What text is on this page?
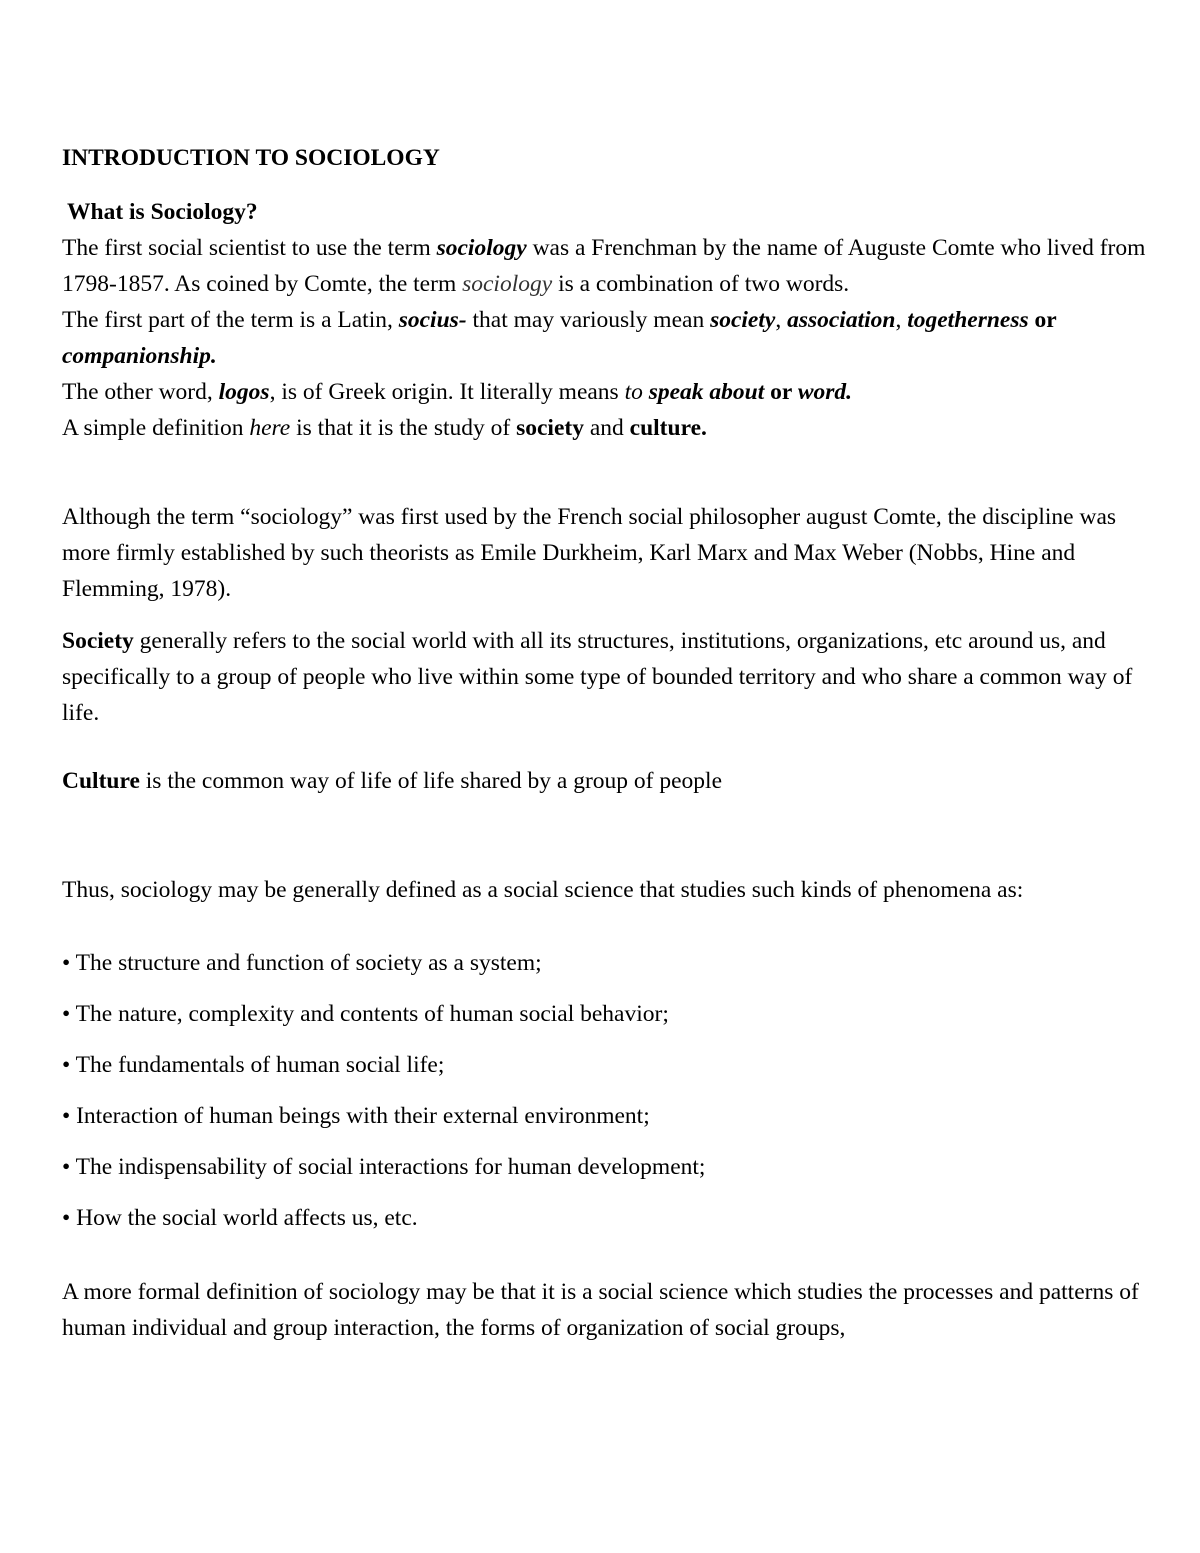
INTRODUCTION TO SOCIOLOGY
What is Sociology?

The first social scientist to use the term sociology was a Frenchman by the name of Auguste Comte who lived from 1798-1857. As coined by Comte, the term sociology is a combination of two words.

The first part of the term is a Latin, socius- that may variously mean society, association, togetherness or companionship.

The other word, logos, is of Greek origin. It literally means to speak about or word.

A simple definition here is that it is the study of society and culture.

Although the term “sociology” was first used by the French social philosopher august Comte, the discipline was more firmly established by such theorists as Emile Durkheim, Karl Marx and Max Weber (Nobbs, Hine and Flemming, 1978).

Society generally refers to the social world with all its structures, institutions, organizations, etc around us, and specifically to a group of people who live within some type of bounded territory and who share a common way of life.

Culture is the common way of life of life shared by a group of people

Thus, sociology may be generally defined as a social science that studies such kinds of phenomena as:

• The structure and function of society as a system;
• The nature, complexity and contents of human social behavior;
• The fundamentals of human social life;
• Interaction of human beings with their external environment;
• The indispensability of social interactions for human development;
• How the social world affects us, etc.

A more formal definition of sociology may be that it is a social science which studies the processes and patterns of human individual and group interaction, the forms of organization of social groups,
